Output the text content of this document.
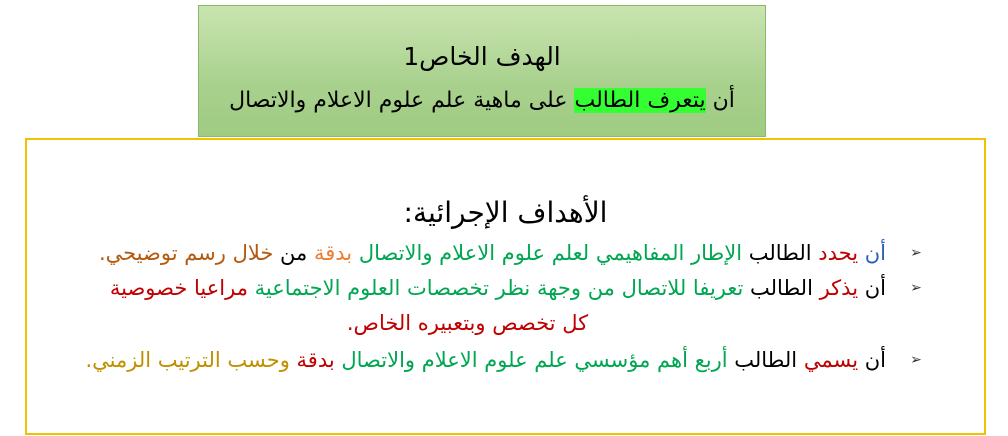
الهدف الخاص1
أن يتعرف الطالب على ماهية علم علوم الاعلام والاتصال
الأهداف الإجرائية:
➢
أن يحدد الطالب الإطار المفاهيمي لعلم علوم الاعلام والاتصال بدقة من خلال رسم توضيحي.
➢
أن يذكر الطالب تعريفا للاتصال من وجهة نظر تخصصات العلوم الاجتماعية مراعيا خصوصية
كل تخصص وبتعبيره الخاص.
➢
أن يسمي الطالب أربع أهم مؤسسي علم علوم الاعلام والاتصال بدقة وحسب الترتيب الزمني.
